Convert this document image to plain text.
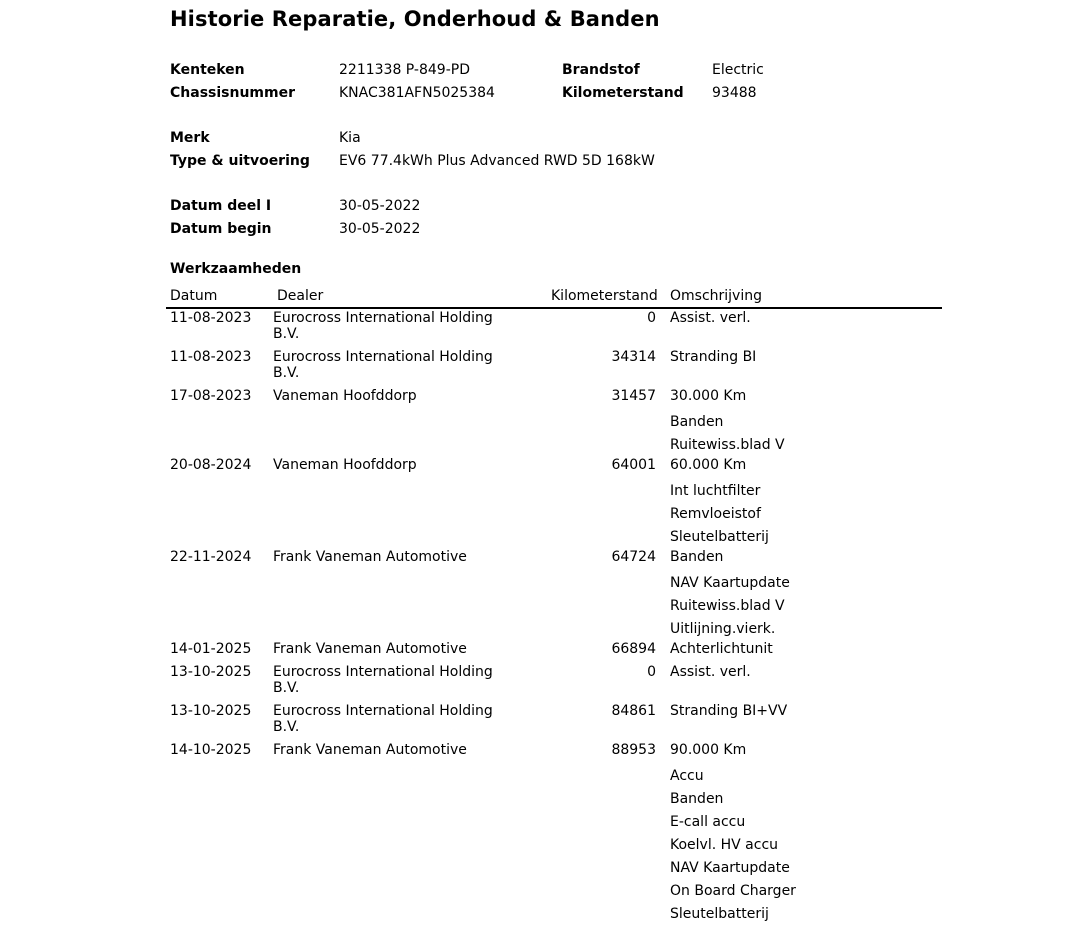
Historie Reparatie, Onderhoud & Banden
Kenteken	2211338 P-849-PD	Brandstof	Electric
Chassisnummer	KNAC381AFN5025384	Kilometerstand 93488
Merk	Kia
Type & uitvoering EV6 77.4kWh Plus Advanced RWD 5D 168kW
Datum deel I	30-05-2022
Datum begin	30-05-2022
Werkzaamheden
Datum	Dealer	Kilometerstand Omschrijving
11-08-2023	Eurocross International Holding
B.V.
0 Assist. verl.
11-08-2023	Eurocross International Holding
B.V.
34314 Stranding BI
17-08-2023	Vaneman Hoofddorp	31457 30.000 Km
Banden
Ruitewiss.blad V
20-08-2024	Vaneman Hoofddorp	64001 60.000 Km
Int luchtfilter
Remvloeistof
Sleutelbatterij
22-11-2024	Frank Vaneman Automotive	64724 Banden
NAV Kaartupdate
Ruitewiss.blad V
Uitlijning.vierk.
14-01-2025	Frank Vaneman Automotive	66894 Achterlichtunit
13-10-2025	Eurocross International Holding
B.V.
0 Assist. verl.
13-10-2025	Eurocross International Holding
B.V.
84861 Stranding BI+VV
14-10-2025	Frank Vaneman Automotive	88953 90.000 Km
Accu
Banden
E-call accu
Koelvl. HV accu
NAV Kaartupdate
On Board Charger
Sleutelbatterij
